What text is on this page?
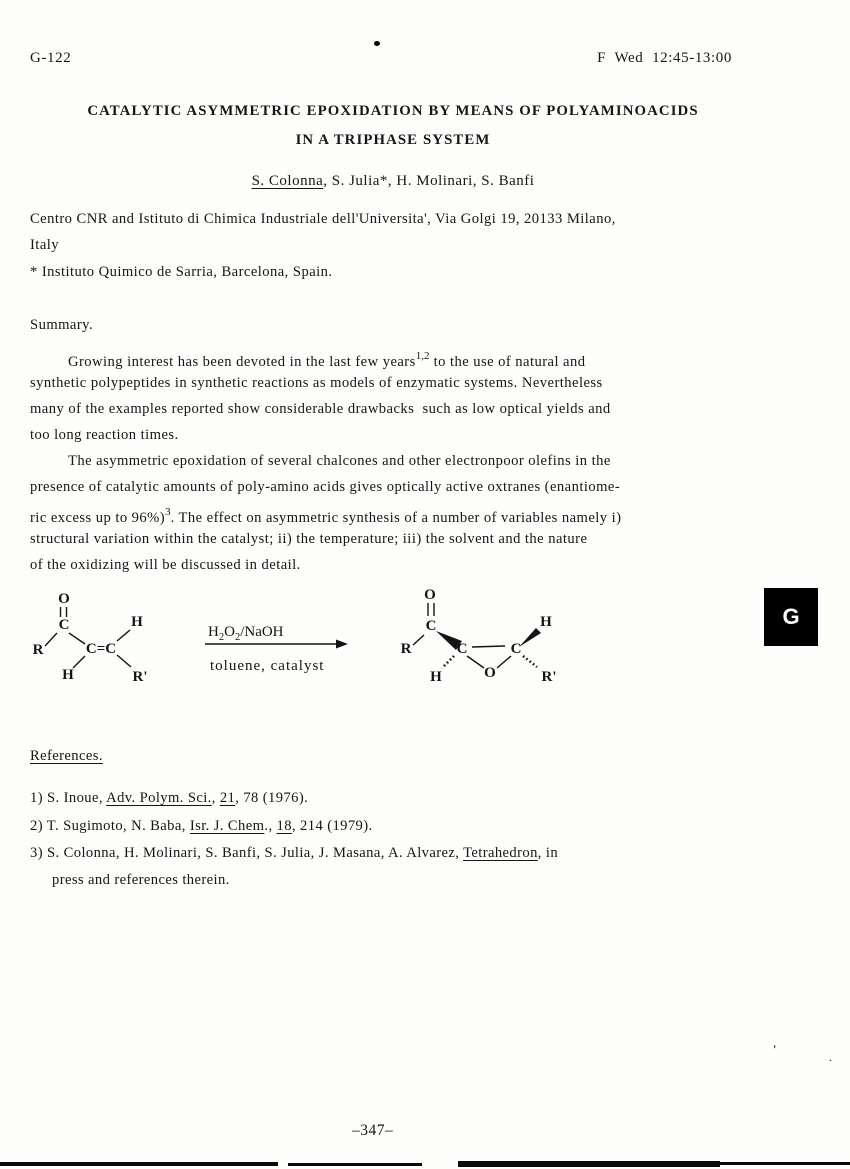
G-122	F  Wed  12:45-13:00
CATALYTIC ASYMMETRIC EPOXIDATION BY MEANS OF POLYAMINOACIDS
IN A TRIPHASE SYSTEM
S. Colonna, S. Julia*, H. Molinari, S. Banfi
Centro CNR and Istituto di Chimica Industriale dell'Universita', Via Golgi 19, 20133 Milano,
Italy
* Instituto Quimico de Sarria, Barcelona, Spain.
Summary.
Growing interest has been devoted in the last few years$^{1,2}$ to the use of natural and
synthetic polypeptides in synthetic reactions as models of enzymatic systems. Nevertheless
many of the examples reported show considerable drawbacks  such as low optical yields and
too long reaction times.
The asymmetric epoxidation of several chalcones and other electronpoor olefins in the
presence of catalytic amounts of poly-amino acids gives optically active oxtranes (enantiome-
ric excess up to 96%)$^3$. The effect on asymmetric synthesis of a number of variables namely i)
structural variation within the catalyst; ii) the temperature; iii) the solvent and the nature
of the oxidizing will be discussed in detail.
O
C
R	C=C
H
H	R'
$H_2O_2$/NaOH
toluene, catalyst
O
C
R	C	C
O
H
H
R'
G
References.
1) S. Inoue, Adv. Polym. Sci., 21, 78 (1976).
2) T. Sugimoto, N. Baba, Isr. J. Chem., 18, 214 (1979).
3) S. Colonna, H. Molinari, S. Banfi, S. Julia, J. Masana, A. Alvarez, Tetrahedron, in
press and references therein.
–347–
'
.
